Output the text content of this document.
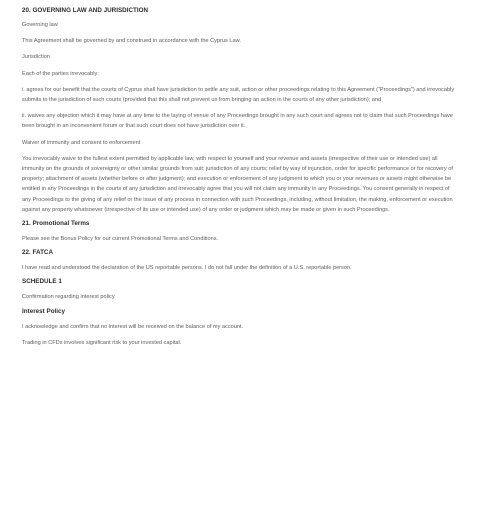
20. GOVERNING LAW AND JURISDICTION

Governing law

This Agreement shall be governed by and construed in accordance with the Cyprus Law.

Jurisdiction

Each of the parties irrevocably:

i. agrees for our benefit that the courts of Cyprus shall have jurisdiction to settle any suit, action or other proceedings relating to this Agreement (“Proceedings”) and irrevocably submits to the jurisdiction of such courts (provided that this shall not prevent us from bringing an action in the courts of any other jurisdiction); and

ii. waives any objection which it may have at any time to the laying of venue of any Proceedings brought in any such court and agrees not to claim that such Proceedings have been brought in an inconvenient forum or that such court does not have jurisdiction over it.

Waiver of immunity and consent to enforcement

You irrevocably waive to the fullest extent permitted by applicable law, with respect to yourself and your revenue and assets (irrespective of their use or intended use) all immunity on the grounds of sovereignty or other similar grounds from suit; jurisdiction of any courts; relief by way of injunction, order for specific performance or for recovery of property; attachment of assets (whether before or after judgment); and execution or enforcement of any judgment to which you or your revenues or assets might otherwise be entitled in any Proceedings in the courts of any jurisdiction and irrevocably agree that you will not claim any immunity in any Proceedings. You consent generally in respect of any Proceedings to the giving of any relief or the issue of any process in connection with such Proceedings, including, without limitation, the making, enforcement or execution against any property whatsoever (irrespective of its use or intended use) of any order or judgment which may be made or given in such Proceedings.

21. Promotional Terms

Please see the Bonus Policy for our current Promotional Terms and Conditions.

22. FATCA

I have read and understood the declaration of the US reportable persons. I do not fall under the definition of a U.S. reportable person.

SCHEDULE 1

Confirmation regarding interest policy

Interest Policy

I acknowledge and confirm that no interest will be received on the balance of my account.

Trading in CFDs involves significant risk to your invested capital.
